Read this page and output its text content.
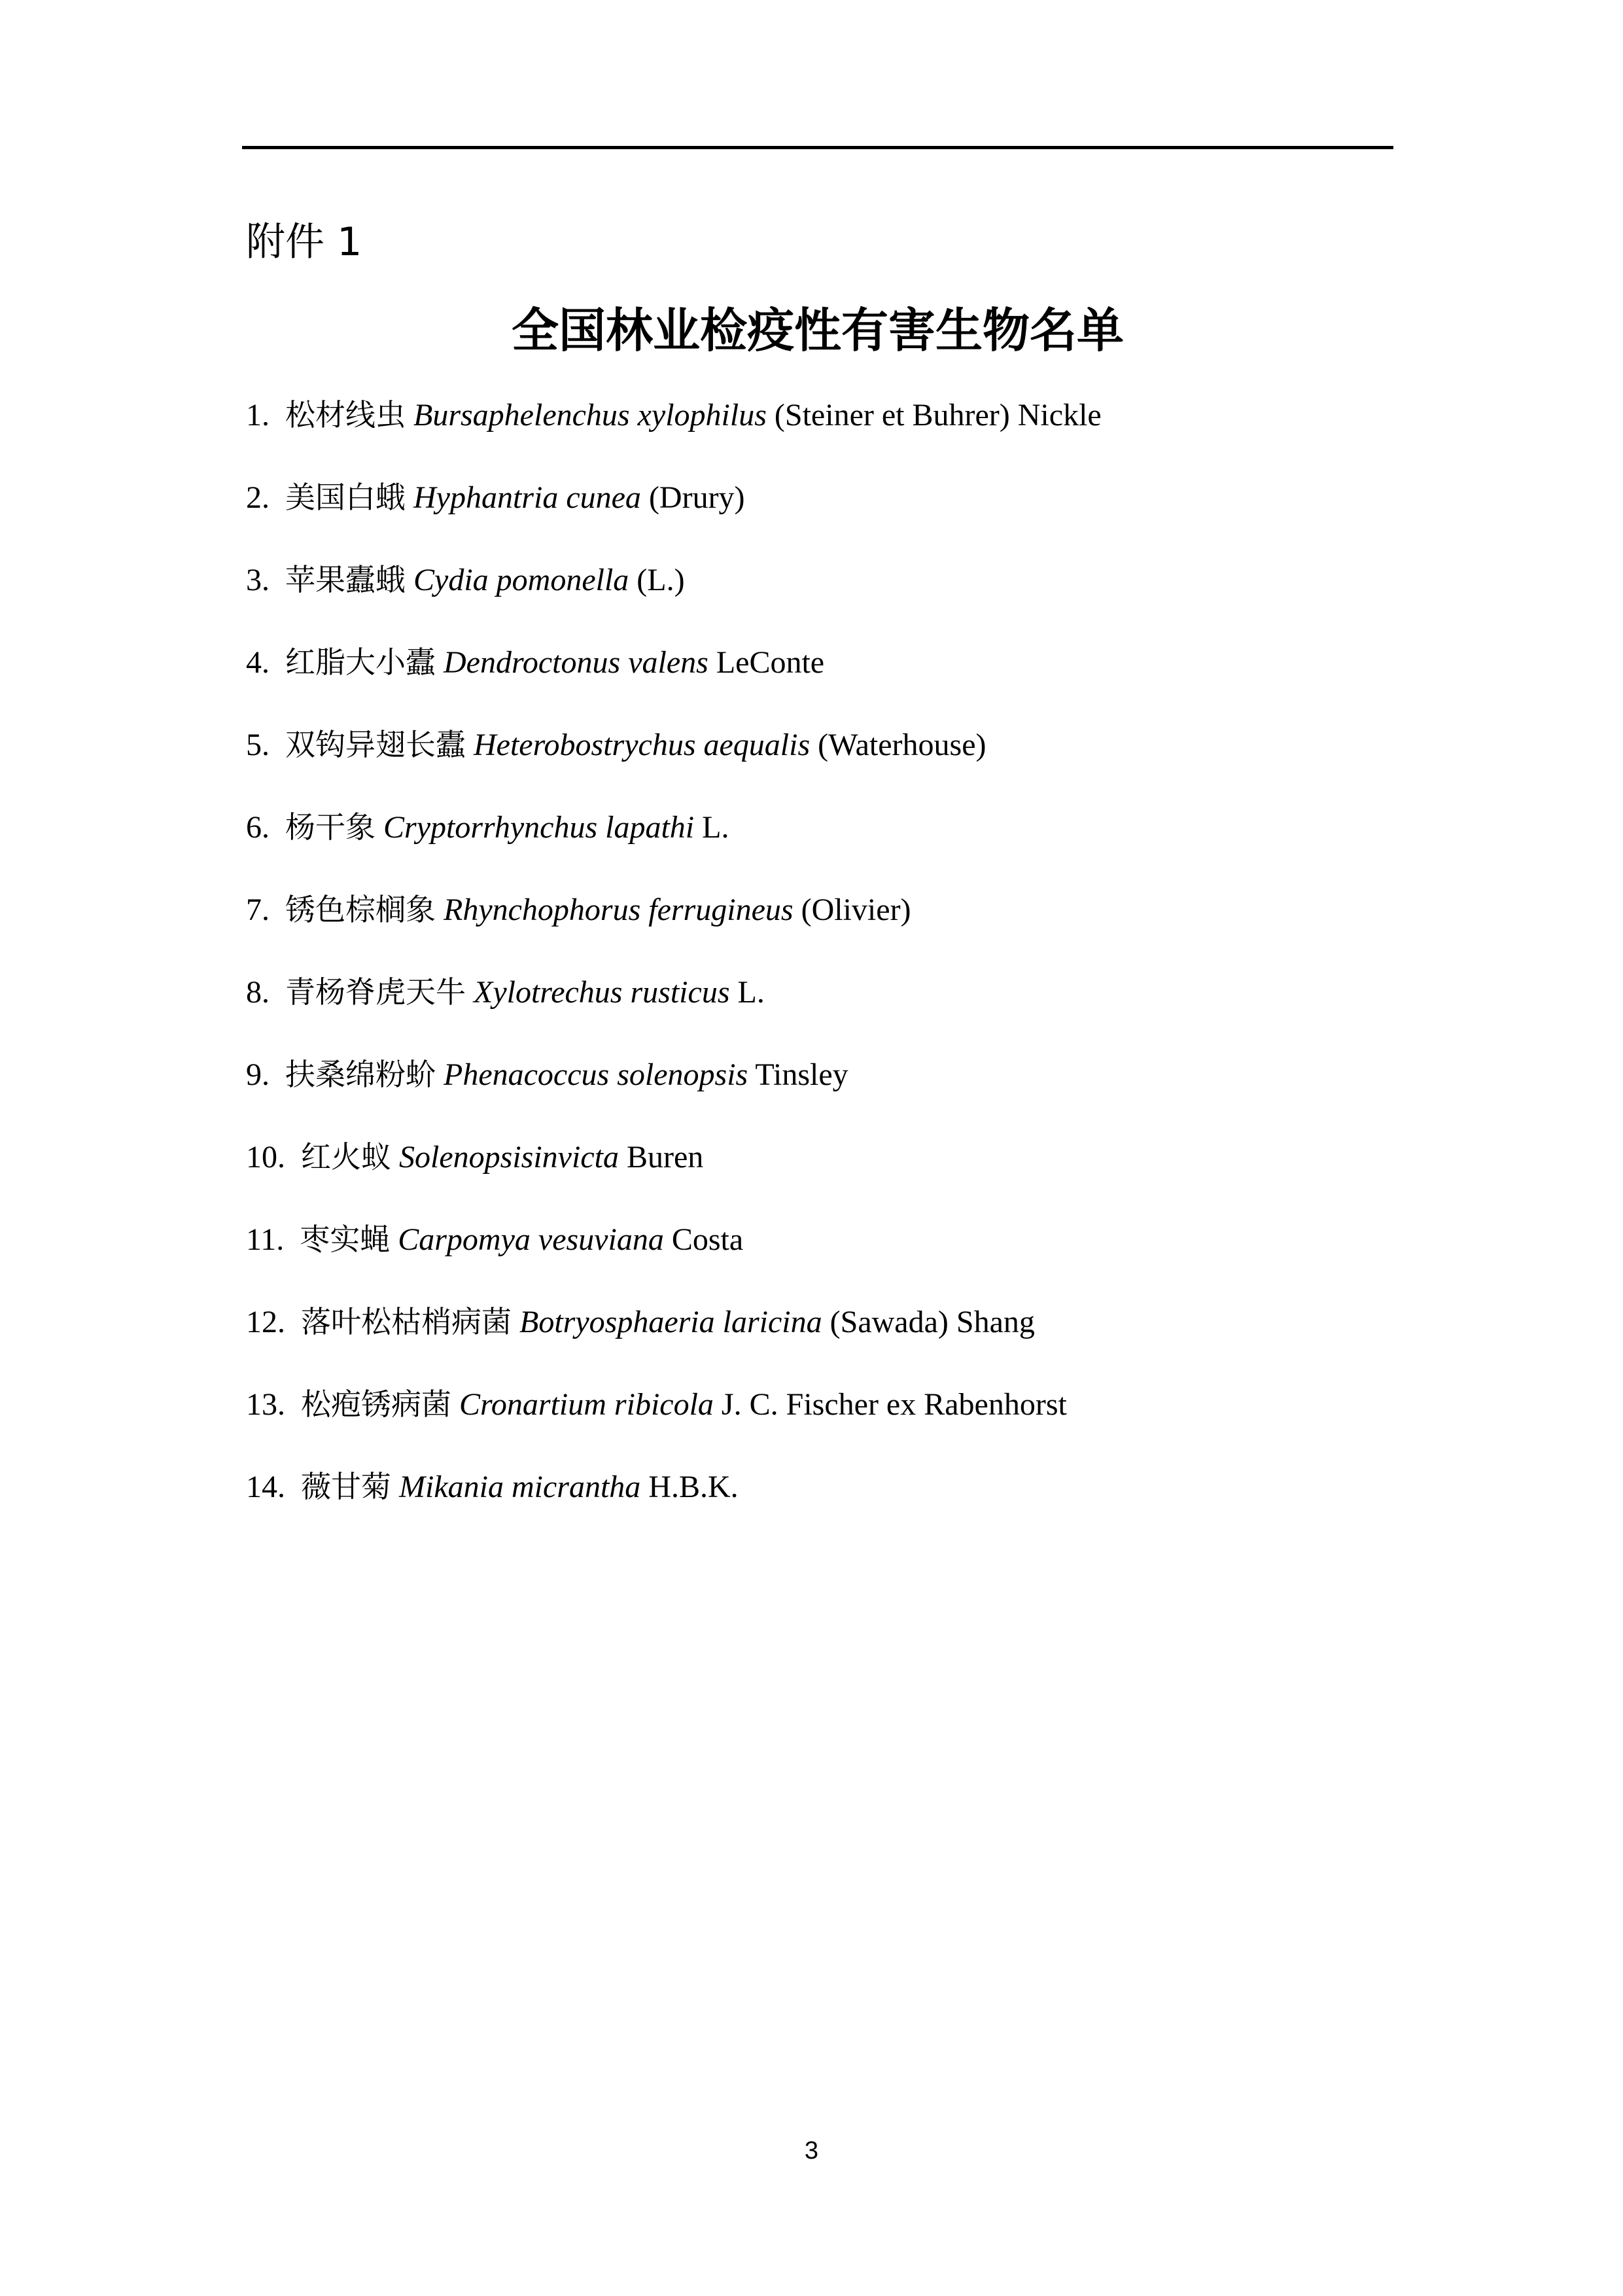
附件 1
全国林业检疫性有害生物名单
1. 松材线虫 Bursaphelenchus xylophilus (Steiner et Buhrer) Nickle
2. 美国白蛾 Hyphantria cunea (Drury)
3. 苹果蠹蛾 Cydia pomonella (L.)
4. 红脂大小蠹 Dendroctonus valens LeConte
5. 双钩异翅长蠹 Heterobostrychus aequalis (Waterhouse)
6. 杨干象 Cryptorrhynchus lapathi L.
7. 锈色棕榈象 Rhynchophorus ferrugineus (Olivier)
8. 青杨脊虎天牛 Xylotrechus rusticus L.
9. 扶桑绵粉蚧 Phenacoccus solenopsis Tinsley
10. 红火蚁 Solenopsisinvicta Buren
11. 枣实蝇 Carpomya vesuviana Costa
12. 落叶松枯梢病菌 Botryosphaeria laricina (Sawada) Shang
13. 松疱锈病菌 Cronartium ribicola J. C. Fischer ex Rabenhorst
14. 薇甘菊 Mikania micrantha H.B.K.
3
